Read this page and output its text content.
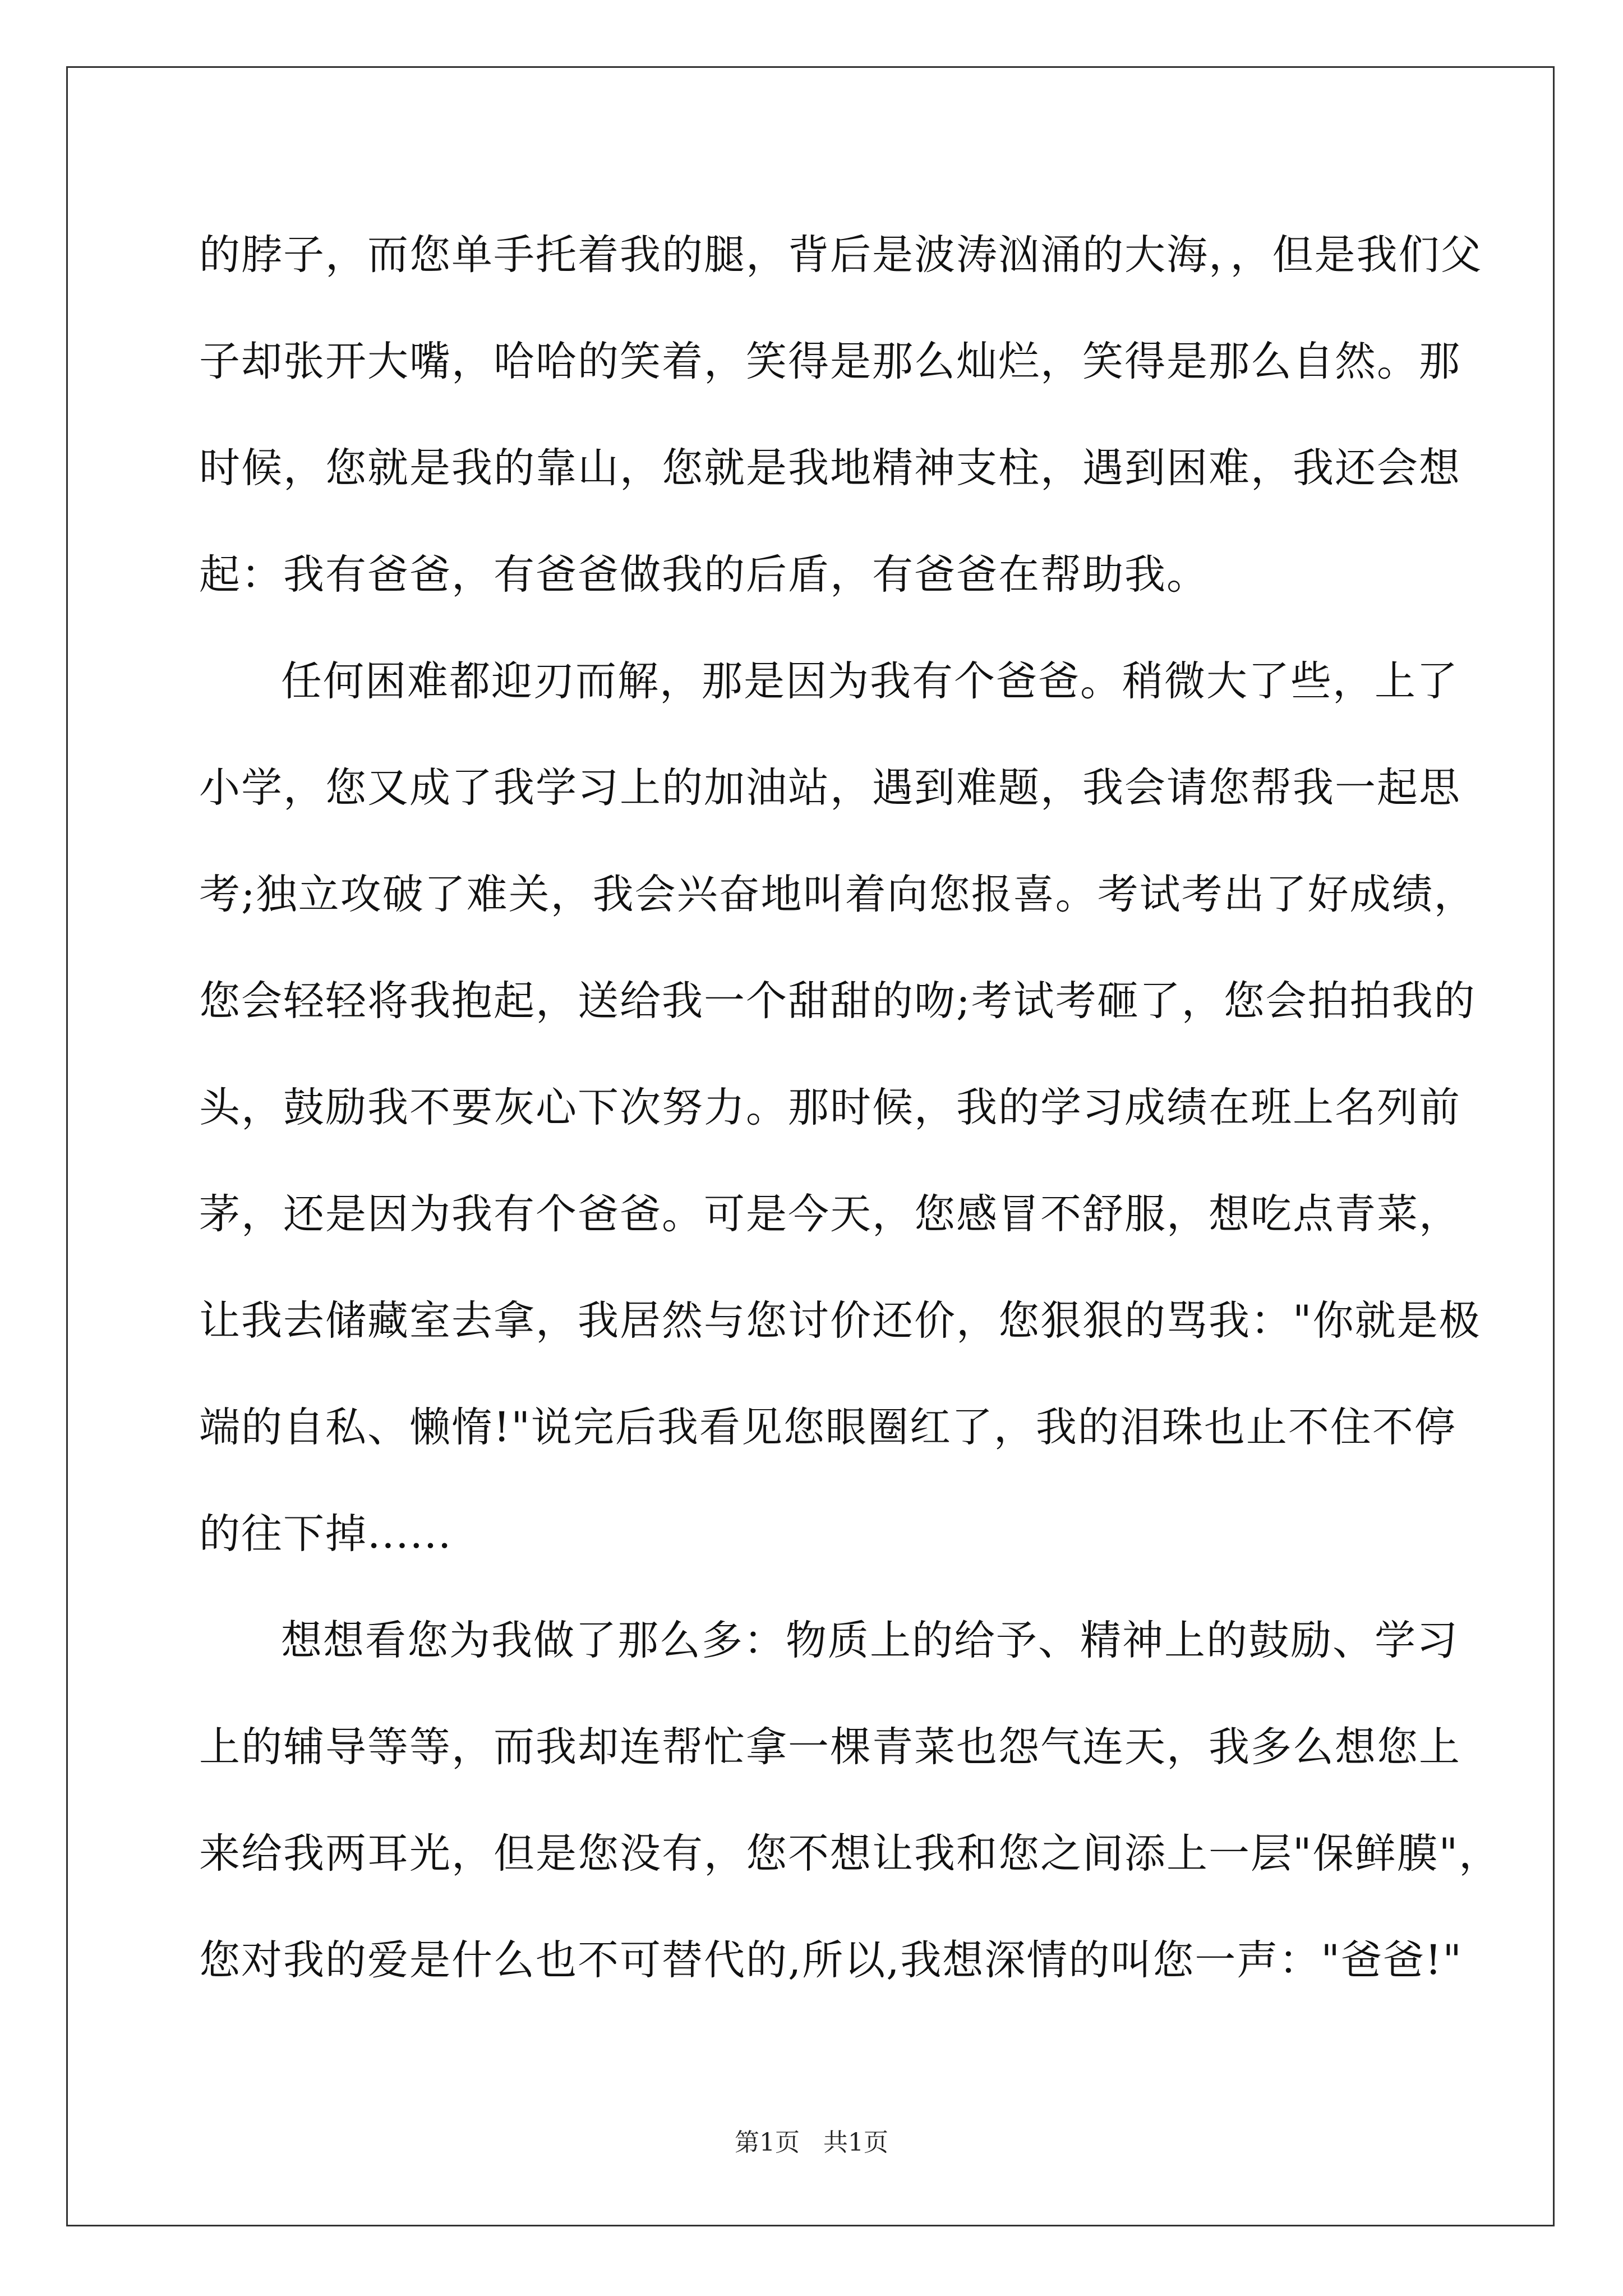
的脖子，而您单手托着我的腿，背后是波涛汹涌的大海，，但是我们父
子却张开大嘴，哈哈的笑着，笑得是那么灿烂，笑得是那么自然。那
时候，您就是我的靠山，您就是我地精神支柱，遇到困难，我还会想
起：我有爸爸，有爸爸做我的后盾，有爸爸在帮助我。
任何困难都迎刃而解，那是因为我有个爸爸。稍微大了些，上了
小学，您又成了我学习上的加油站，遇到难题，我会请您帮我一起思
考;独立攻破了难关，我会兴奋地叫着向您报喜。考试考出了好成绩，
您会轻轻将我抱起，送给我一个甜甜的吻;考试考砸了，您会拍拍我的
头，鼓励我不要灰心下次努力。那时候，我的学习成绩在班上名列前
茅，还是因为我有个爸爸。可是今天，您感冒不舒服，想吃点青菜，
让我去储藏室去拿，我居然与您讨价还价，您狠狠的骂我："你就是极
端的自私、懒惰!"说完后我看见您眼圈红了，我的泪珠也止不住不停
的往下掉......
想想看您为我做了那么多：物质上的给予、精神上的鼓励、学习
上的辅导等等，而我却连帮忙拿一棵青菜也怨气连天，我多么想您上
来给我两耳光，但是您没有，您不想让我和您之间添上一层"保鲜膜"，
您对我的爱是什么也不可替代的,所以,我想深情的叫您一声："爸爸!"
第1页 共1页
